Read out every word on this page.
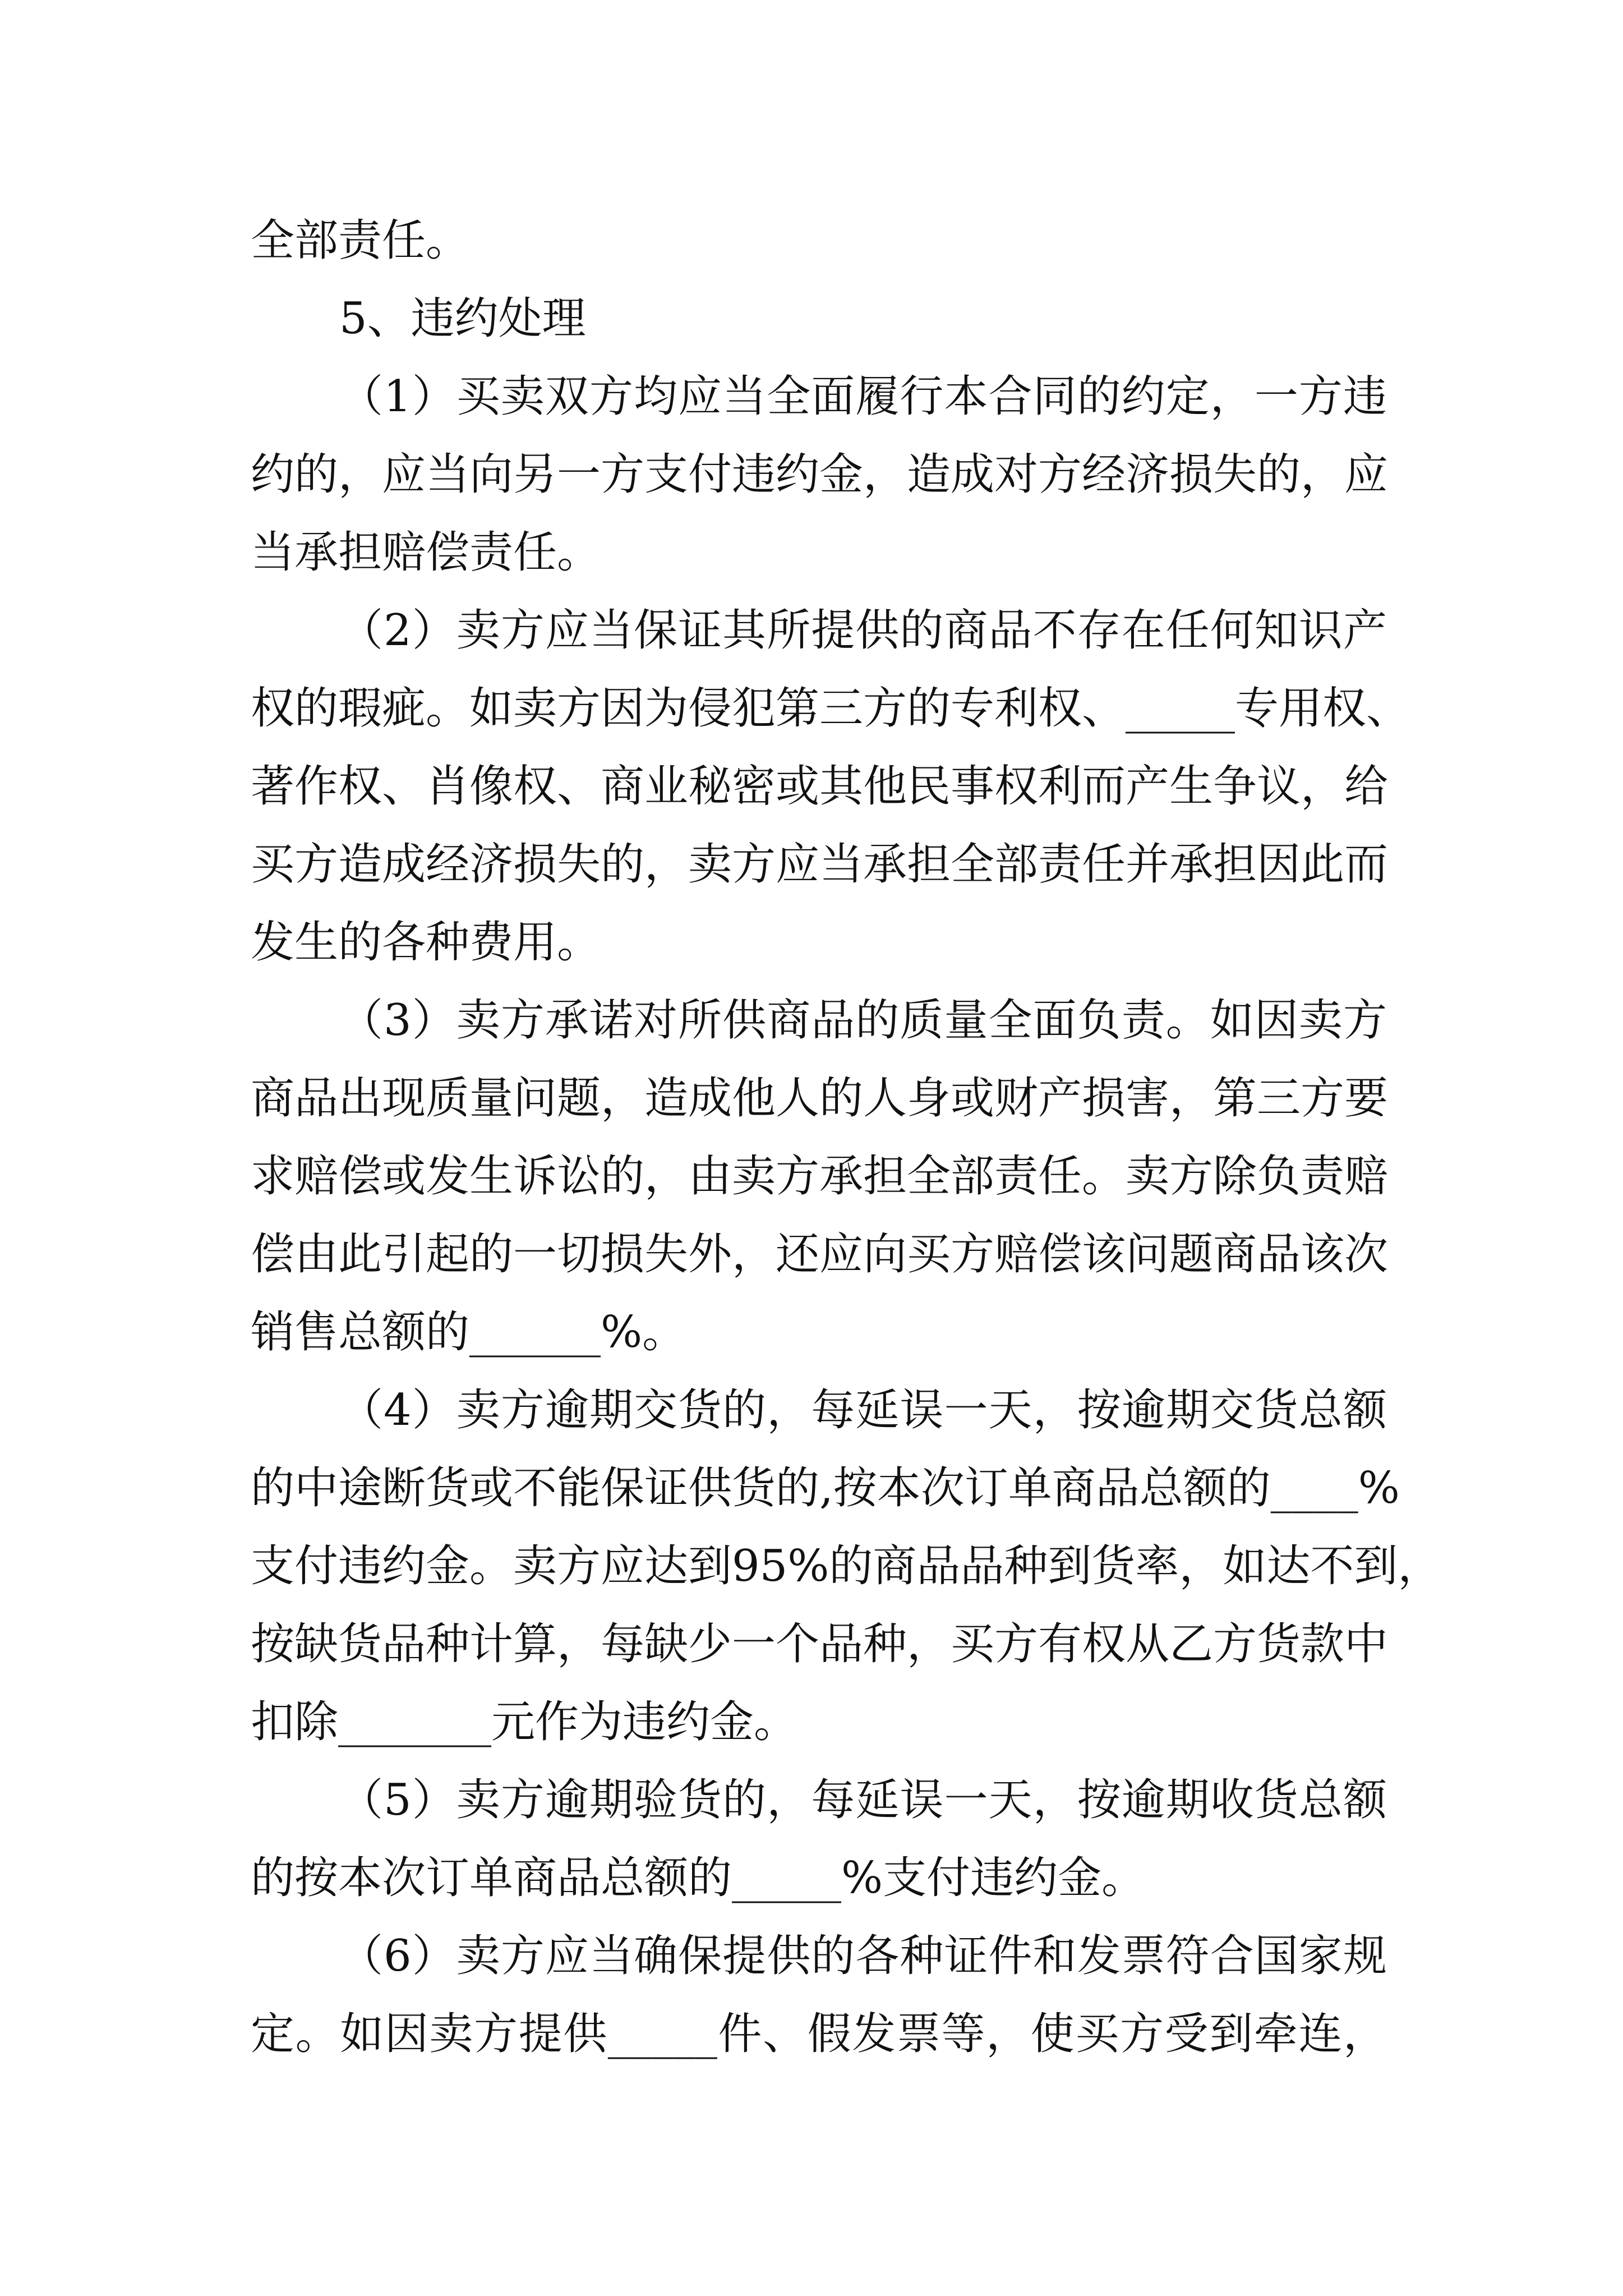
全部责任。
5、违约处理
（1）买卖双方均应当全面履行本合同的约定，一方违
约的，应当向另一方支付违约金，造成对方经济损失的，应
当承担赔偿责任。
（2）卖方应当保证其所提供的商品不存在任何知识产
权的瑕疵。如卖方因为侵犯第三方的专利权、_____专用权、
著作权、肖像权、商业秘密或其他民事权利而产生争议，给
买方造成经济损失的，卖方应当承担全部责任并承担因此而
发生的各种费用。
（3）卖方承诺对所供商品的质量全面负责。如因卖方
商品出现质量问题，造成他人的人身或财产损害，第三方要
求赔偿或发生诉讼的，由卖方承担全部责任。卖方除负责赔
偿由此引起的一切损失外，还应向买方赔偿该问题商品该次
销售总额的______%。
（4）卖方逾期交货的，每延误一天，按逾期交货总额
的中途断货或不能保证供货的,按本次订单商品总额的____%
支付违约金。卖方应达到95%的商品品种到货率，如达不到，
按缺货品种计算，每缺少一个品种，买方有权从乙方货款中
扣除_______元作为违约金。
（5）卖方逾期验货的，每延误一天，按逾期收货总额
的按本次订单商品总额的_____%支付违约金。
（6）卖方应当确保提供的各种证件和发票符合国家规
定。如因卖方提供_____件、假发票等，使买方受到牵连，
